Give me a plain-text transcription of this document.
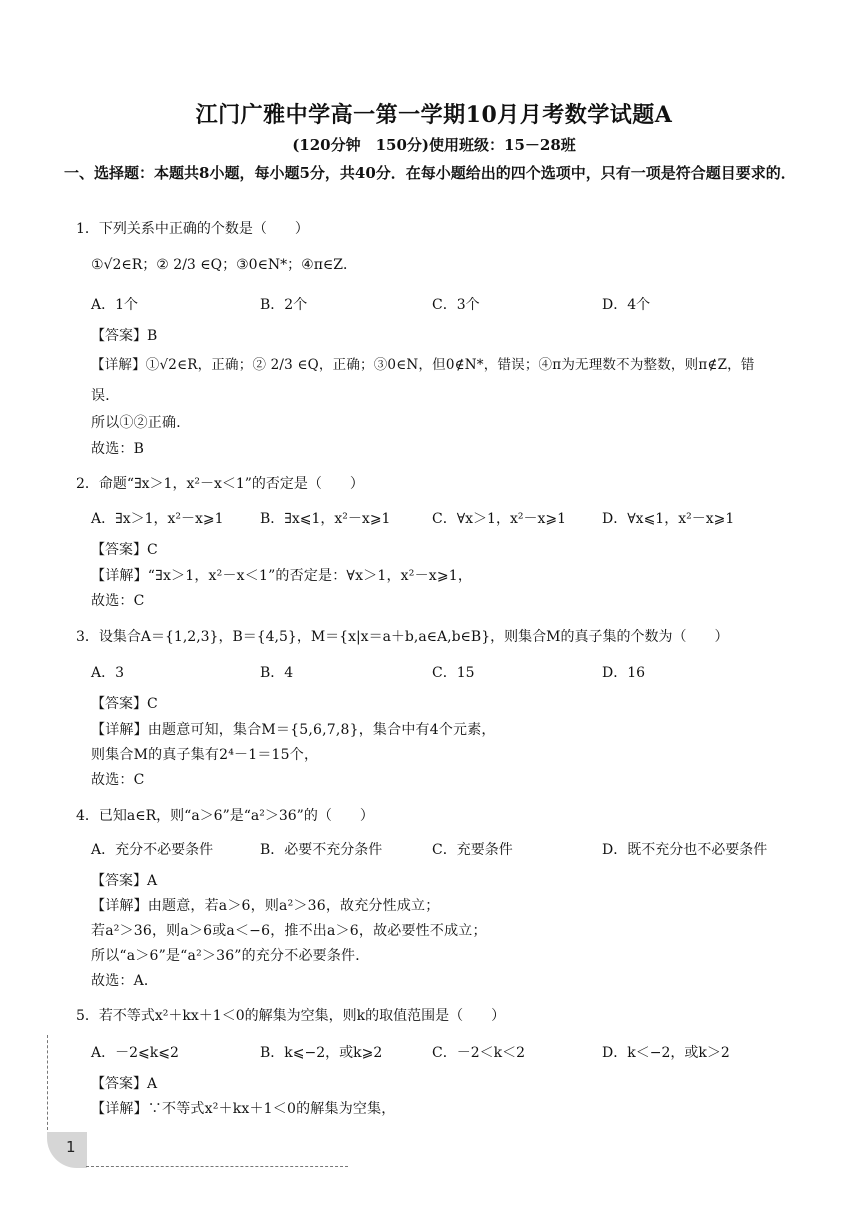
江门广雅中学高一第一学期10月月考数学试题A
(120分钟　150分)使用班级：15－28班
一、选择题：本题共8小题，每小题5分，共40分．在每小题给出的四个选项中，只有一项是符合题目要求的．
1．下列关系中正确的个数是（　　）
①√2∈R；② 2/3 ∈Q；③0∈N*；④π∈Z．
A．1个	B．2个	C．3个	D．4个
【答案】B
【详解】①√2∈R，正确；② 2/3 ∈Q，正确；③0∈N，但0∉N*，错误；④π为无理数不为整数，则π∉Z，错
误．
所以①②正确．
故选：B
2．命题“∃x＞1，x²－x＜1”的否定是（　　）
A．∃x＞1，x²－x⩾1	B．∃x⩽1，x²－x⩾1	C．∀x＞1，x²－x⩾1	D．∀x⩽1，x²－x⩾1
【答案】C
【详解】“∃x＞1，x²－x＜1”的否定是：∀x＞1，x²－x⩾1，
故选：C
3．设集合A＝{1,2,3}，B＝{4,5}，M＝{x|x＝a＋b,a∈A,b∈B}，则集合M的真子集的个数为（　　）
A．3	B．4	C．15	D．16
【答案】C
【详解】由题意可知，集合M＝{5,6,7,8}，集合中有4个元素，
则集合M的真子集有2⁴－1＝15个，
故选：C
4．已知a∈R，则“a＞6”是“a²＞36”的（　　）
A．充分不必要条件	B．必要不充分条件	C．充要条件	D．既不充分也不必要条件
【答案】A
【详解】由题意，若a＞6，则a²＞36，故充分性成立；
若a²＞36，则a＞6或a＜−6，推不出a＞6，故必要性不成立；
所以“a＞6”是“a²＞36”的充分不必要条件．
故选：A．
5．若不等式x²＋kx＋1＜0的解集为空集，则k的取值范围是（　　）
A．－2⩽k⩽2	B．k⩽−2，或k⩾2	C．－2＜k＜2	D．k＜−2，或k＞2
【答案】A
【详解】∵不等式x²＋kx＋1＜0的解集为空集，
1
